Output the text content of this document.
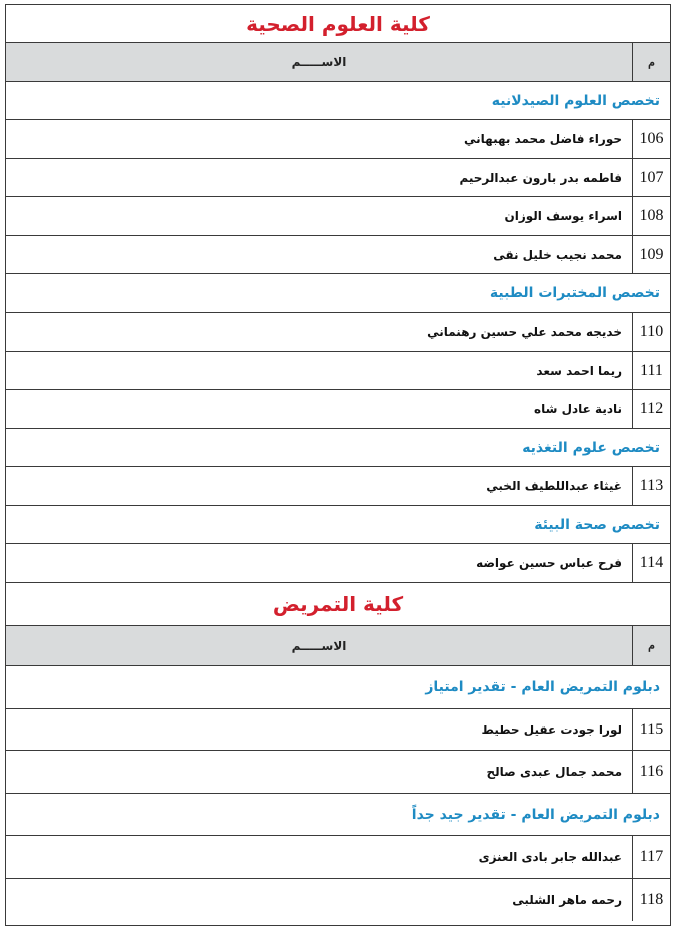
كلية العلوم الصحية
م
الاســـــم
تخصص العلوم الصيدلانيه
106
حوراء فاضل محمد بهبهاني
107
فاطمه بدر بارون عبدالرحيم
108
اسراء يوسف الوزان
109
محمد نجيب خليل نقى
تخصص المختبرات الطبية
110
خديجه محمد علي حسين رهنماني
111
ريما احمد سعد
112
نادية عادل شاه
تخصص علوم التغذيه
113
غيثاء عبداللطيف الخبي
تخصص صحة البيئة
114
فرح عباس حسين عواضه
كلية التمريض
م
الاســـــم
دبلوم التمريض العام - تقدير امتياز
115
لورا جودت عقيل حطيط
116
محمد جمال عبدى صالح
دبلوم التمريض العام - تقدير جيد جداً
117
عبدالله جابر بادى العنزى
118
رحمه ماهر الشلبى
